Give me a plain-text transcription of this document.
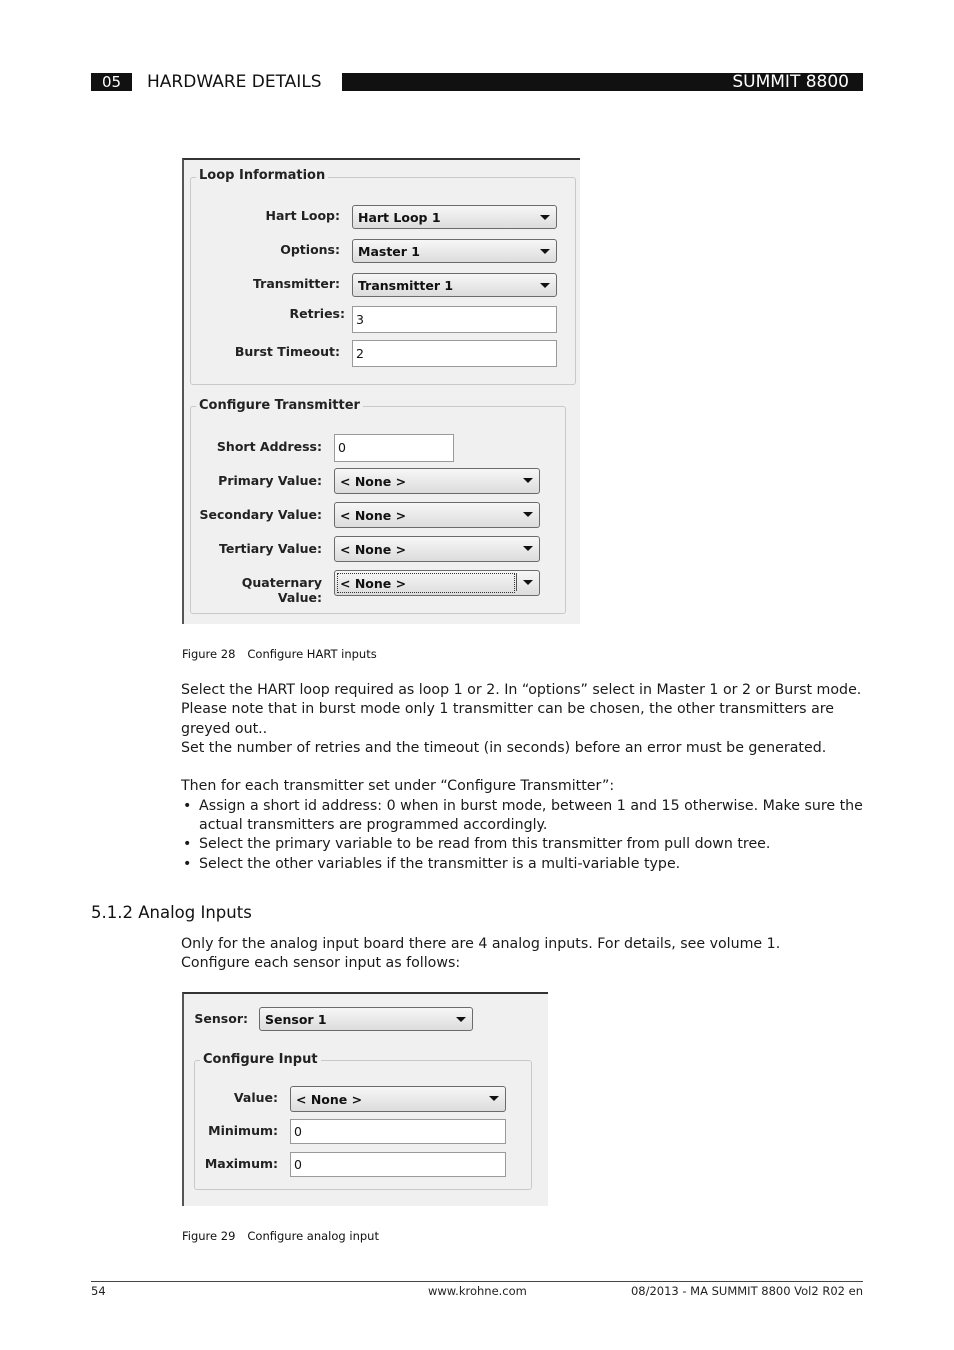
05	HARDWARE DETAILS	SUMMIT 8800
Loop Information
Hart Loop:	Hart Loop 1
Options:	Master 1
Transmitter:	Transmitter 1
Retries: 3
Burst Timeout:	2
Configure Transmitter
Short Address:	0
Primary Value:	< None >
Secondary Value:	< None >
Tertiary Value:	< None >
Quaternary Value:
< None >
Figure 28 Configure HART inputs

Select the HART loop required as loop 1 or 2. In “options” select in Master 1 or 2 or Burst mode. Please note that in burst mode only 1 transmitter can be chosen, the other transmitters are greyed out..

Set the number of retries and the timeout (in seconds) before an error must be generated.

Then for each transmitter set under “Configure Transmitter”:

• Assign a short id address: 0 when in burst mode, between 1 and 15 otherwise. Make sure the actual transmitters are programmed accordingly.
• Select the primary variable to be read from this transmitter from pull down tree.
• Select the other variables if the transmitter is a multi-variable type.
5.1.2 Analog Inputs

Only for the analog input board there are 4 analog inputs. For details, see volume 1.

Configure each sensor input as follows:

Sensor:	Sensor 1
Configure Input
Value:	< None >
Minimum:	0
Maximum:	0
Figure 29 Configure analog input
54	www.krohne.com	08/2013 - MA SUMMIT 8800 Vol2 R02 en
